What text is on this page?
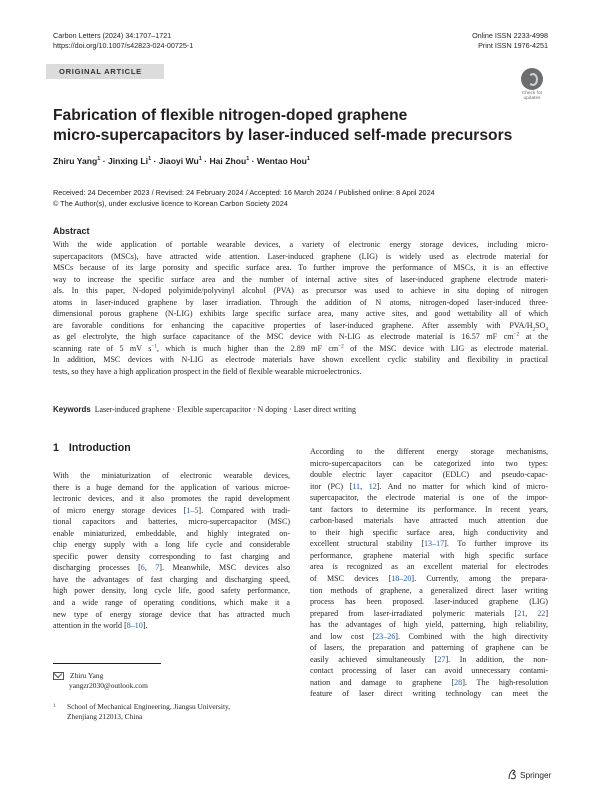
Carbon Letters (2024) 34:1707–1721
https://doi.org/10.1007/s42823-024-00725-1
Online ISSN 2233-4998
Print ISSN 1976-4251
ORIGINAL ARTICLE
Check for
updates
Fabrication of flexible nitrogen-doped graphene
micro-supercapacitors by laser-induced self-made precursors
Zhiru Yang$^1$ · Jinxing $Li^1$ · Jiaoyi $Wu^1$ · Hai Zhou$^1$ · Wentao Hou$^1$
Received: 24 December 2023 / Revised: 24 February 2024 / Accepted: 16 March 2024 / Published online: 8 April 2024
© The Author(s), under exclusive licence to Korean Carbon Society 2024
Abstract
With the wide application of portable wearable devices, a variety of electronic energy storage devices, including micro-
supercapacitors (MSCs), have attracted wide attention. Laser-induced graphene (LIG) is widely used as electrode material for
MSCs because of its large porosity and specific surface area. To further improve the performance of MSCs, it is an effective
way to increase the specific surface area and the number of internal active sites of laser-induced graphene electrode materi-
als. In this paper, N-doped polyimide/polyvinyl alcohol (PVA) as precursor was used to achieve in situ doping of nitrogen
atoms in laser-induced graphene by laser irradiation. Through the addition of N atoms, nitrogen-doped laser-induced three-
dimensional porous graphene (N-LIG) exhibits large specific surface area, many active sites, and good wettability all of which
are favorable conditions for enhancing the capacitive properties of laser-induced graphene. After assembly with PVA/$H_2SO_4$
as gel electrolyte, the high surface capacitance of the MSC device with N-LIG as electrode material is 16.57 mF $cm^{-2}$ at the
scanning rate of 5 mV $s^{-1}$, which is much higher than the 2.89 mF $cm^{-2}$ of the MSC device with LIG as electrode material.
In addition, MSC devices with N-LIG as electrode materials have shown excellent cyclic stability and flexibility in practical
tests, so they have a high application prospect in the field of flexible wearable microelectronics.
Keywords Laser-induced graphene · Flexible supercapacitor · N doping · Laser direct writing
1 Introduction
With the miniaturization of electronic wearable devices,
there is a huge demand for the application of various microe-
lectronic devices, and it also promotes the rapid development
of micro energy storage devices [1–5]. Compared with tradi-
tional capacitors and batteries, micro-supercapacitor (MSC)
enable miniaturized, embeddable, and highly integrated on-
chip energy supply with a long life cycle and considerable
specific power density corresponding to fast charging and
discharging processes [6, 7]. Meanwhile, MSC devices also
have the advantages of fast charging and discharging speed,
high power density, long cycle life, good safety performance,
and a wide range of operating conditions, which make it a
new type of energy storage device that has attracted much
attention in the world [8–10].
According to the different energy storage mechanisms,
micro-supercapacitors can be categorized into two types:
double electric layer capacitor (EDLC) and pseudo-capac-
itor (PC) [11, 12]. And no matter for which kind of micro-
supercapacitor, the electrode material is one of the impor-
tant factors to determine its performance. In recent years,
carbon-based materials have attracted much attention due
to their high specific surface area, high conductivity and
excellent structural stability [13–17]. To further improve its
performance, graphene material with high specific surface
area is recognized as an excellent material for electrodes
of MSC devices [18–20]. Currently, among the prepara-
tion methods of graphene, a generalized direct laser writing
process has been proposed. laser-induced graphene (LIG)
prepared from laser-irradiated polymeric materials [21, 22]
has the advantages of high yield, patterning, high reliability,
and low cost [23–26]. Combined with the high directivity
of lasers, the preparation and patterning of graphene can be
easily achieved simultaneously [27]. In addition, the non-
contact processing of laser can avoid unnecessary contami-
nation and damage to graphene [28]. The high-resolution
feature of laser direct writing technology can meet the
Zhiru Yang
yangzr2030@outlook.com
1 School of Mechanical Engineering, Jiangsu University,
Zhenjiang 212013, China
Springer
